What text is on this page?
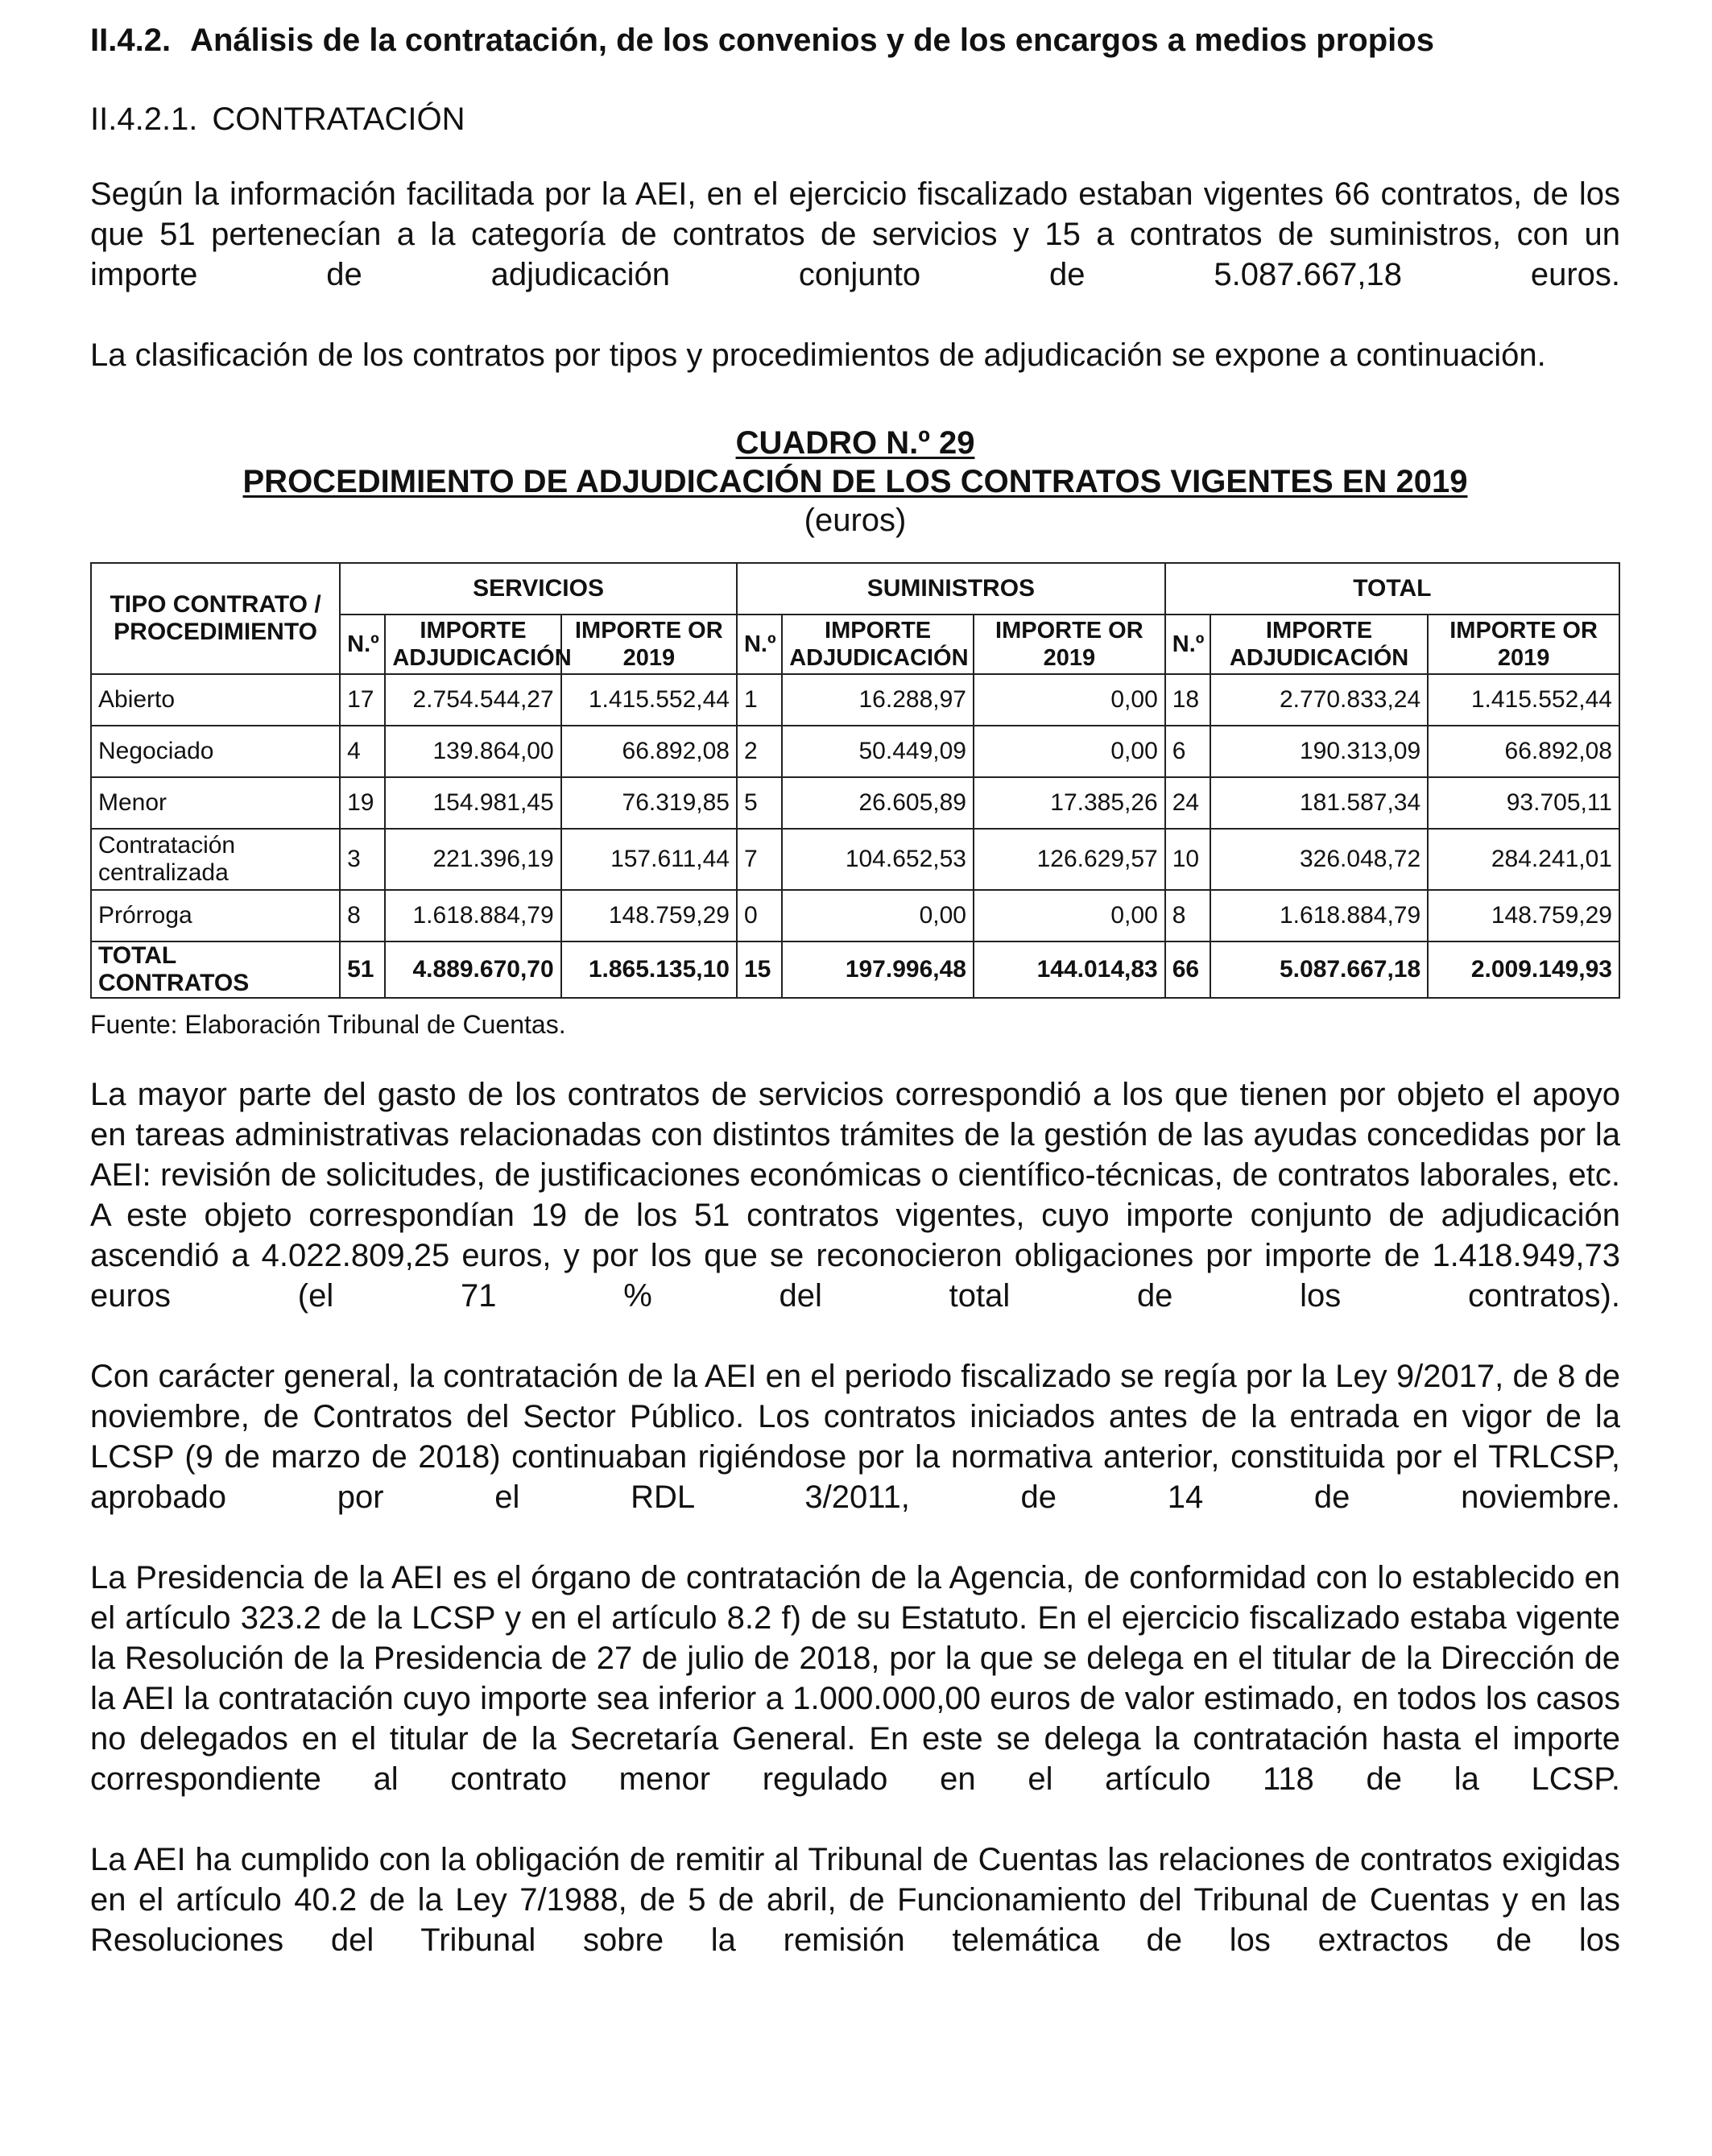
II.4.2. Análisis de la contratación, de los convenios y de los encargos a medios propios
II.4.2.1. CONTRATACIÓN

Según la información facilitada por la AEI, en el ejercicio fiscalizado estaban vigentes 66 contratos, de los que 51 pertenecían a la categoría de contratos de servicios y 15 a contratos de suministros, con un importe de adjudicación conjunto de 5.087.667,18 euros.

La clasificación de los contratos por tipos y procedimientos de adjudicación se expone a continuación.

CUADRO N.º 29
PROCEDIMIENTO DE ADJUDICACIÓN DE LOS CONTRATOS VIGENTES EN 2019
(euros)
TIPO CONTRATO / PROCEDIMIENTO	SERVICIOS			SUMINISTROS			TOTAL		
	N.º	IMPORTE ADJUDICACIÓN	IMPORTE OR 2019	N.º	IMPORTE ADJUDICACIÓN	IMPORTE OR 2019	N.º	IMPORTE ADJUDICACIÓN	IMPORTE OR 2019
Abierto	17	2.754.544,27	1.415.552,44	1	16.288,97	0,00	18	2.770.833,24	1.415.552,44
Negociado	4	139.864,00	66.892,08	2	50.449,09	0,00	6	190.313,09	66.892,08
Menor	19	154.981,45	76.319,85	5	26.605,89	17.385,26	24	181.587,34	93.705,11
Contratación centralizada	3	221.396,19	157.611,44	7	104.652,53	126.629,57	10	326.048,72	284.241,01
Prórroga	8	1.618.884,79	148.759,29	0	0,00	0,00	8	1.618.884,79	148.759,29
TOTAL CONTRATOS	51	4.889.670,70	1.865.135,10	15	197.996,48	144.014,83	66	5.087.667,18	2.009.149,93
Fuente: Elaboración Tribunal de Cuentas.

La mayor parte del gasto de los contratos de servicios correspondió a los que tienen por objeto el apoyo en tareas administrativas relacionadas con distintos trámites de la gestión de las ayudas concedidas por la AEI: revisión de solicitudes, de justificaciones económicas o científico-técnicas, de contratos laborales, etc. A este objeto correspondían 19 de los 51 contratos vigentes, cuyo importe conjunto de adjudicación ascendió a 4.022.809,25 euros, y por los que se reconocieron obligaciones por importe de 1.418.949,73 euros (el 71 % del total de los contratos).

Con carácter general, la contratación de la AEI en el periodo fiscalizado se regía por la Ley 9/2017, de 8 de noviembre, de Contratos del Sector Público. Los contratos iniciados antes de la entrada en vigor de la LCSP (9 de marzo de 2018) continuaban rigiéndose por la normativa anterior, constituida por el TRLCSP, aprobado por el RDL 3/2011, de 14 de noviembre.

La Presidencia de la AEI es el órgano de contratación de la Agencia, de conformidad con lo establecido en el artículo 323.2 de la LCSP y en el artículo 8.2 f) de su Estatuto. En el ejercicio fiscalizado estaba vigente la Resolución de la Presidencia de 27 de julio de 2018, por la que se delega en el titular de la Dirección de la AEI la contratación cuyo importe sea inferior a 1.000.000,00 euros de valor estimado, en todos los casos no delegados en el titular de la Secretaría General. En este se delega la contratación hasta el importe correspondiente al contrato menor regulado en el artículo 118 de la LCSP.

La AEI ha cumplido con la obligación de remitir al Tribunal de Cuentas las relaciones de contratos exigidas en el artículo 40.2 de la Ley 7/1988, de 5 de abril, de Funcionamiento del Tribunal de Cuentas y en las Resoluciones del Tribunal sobre la remisión telemática de los extractos de los
